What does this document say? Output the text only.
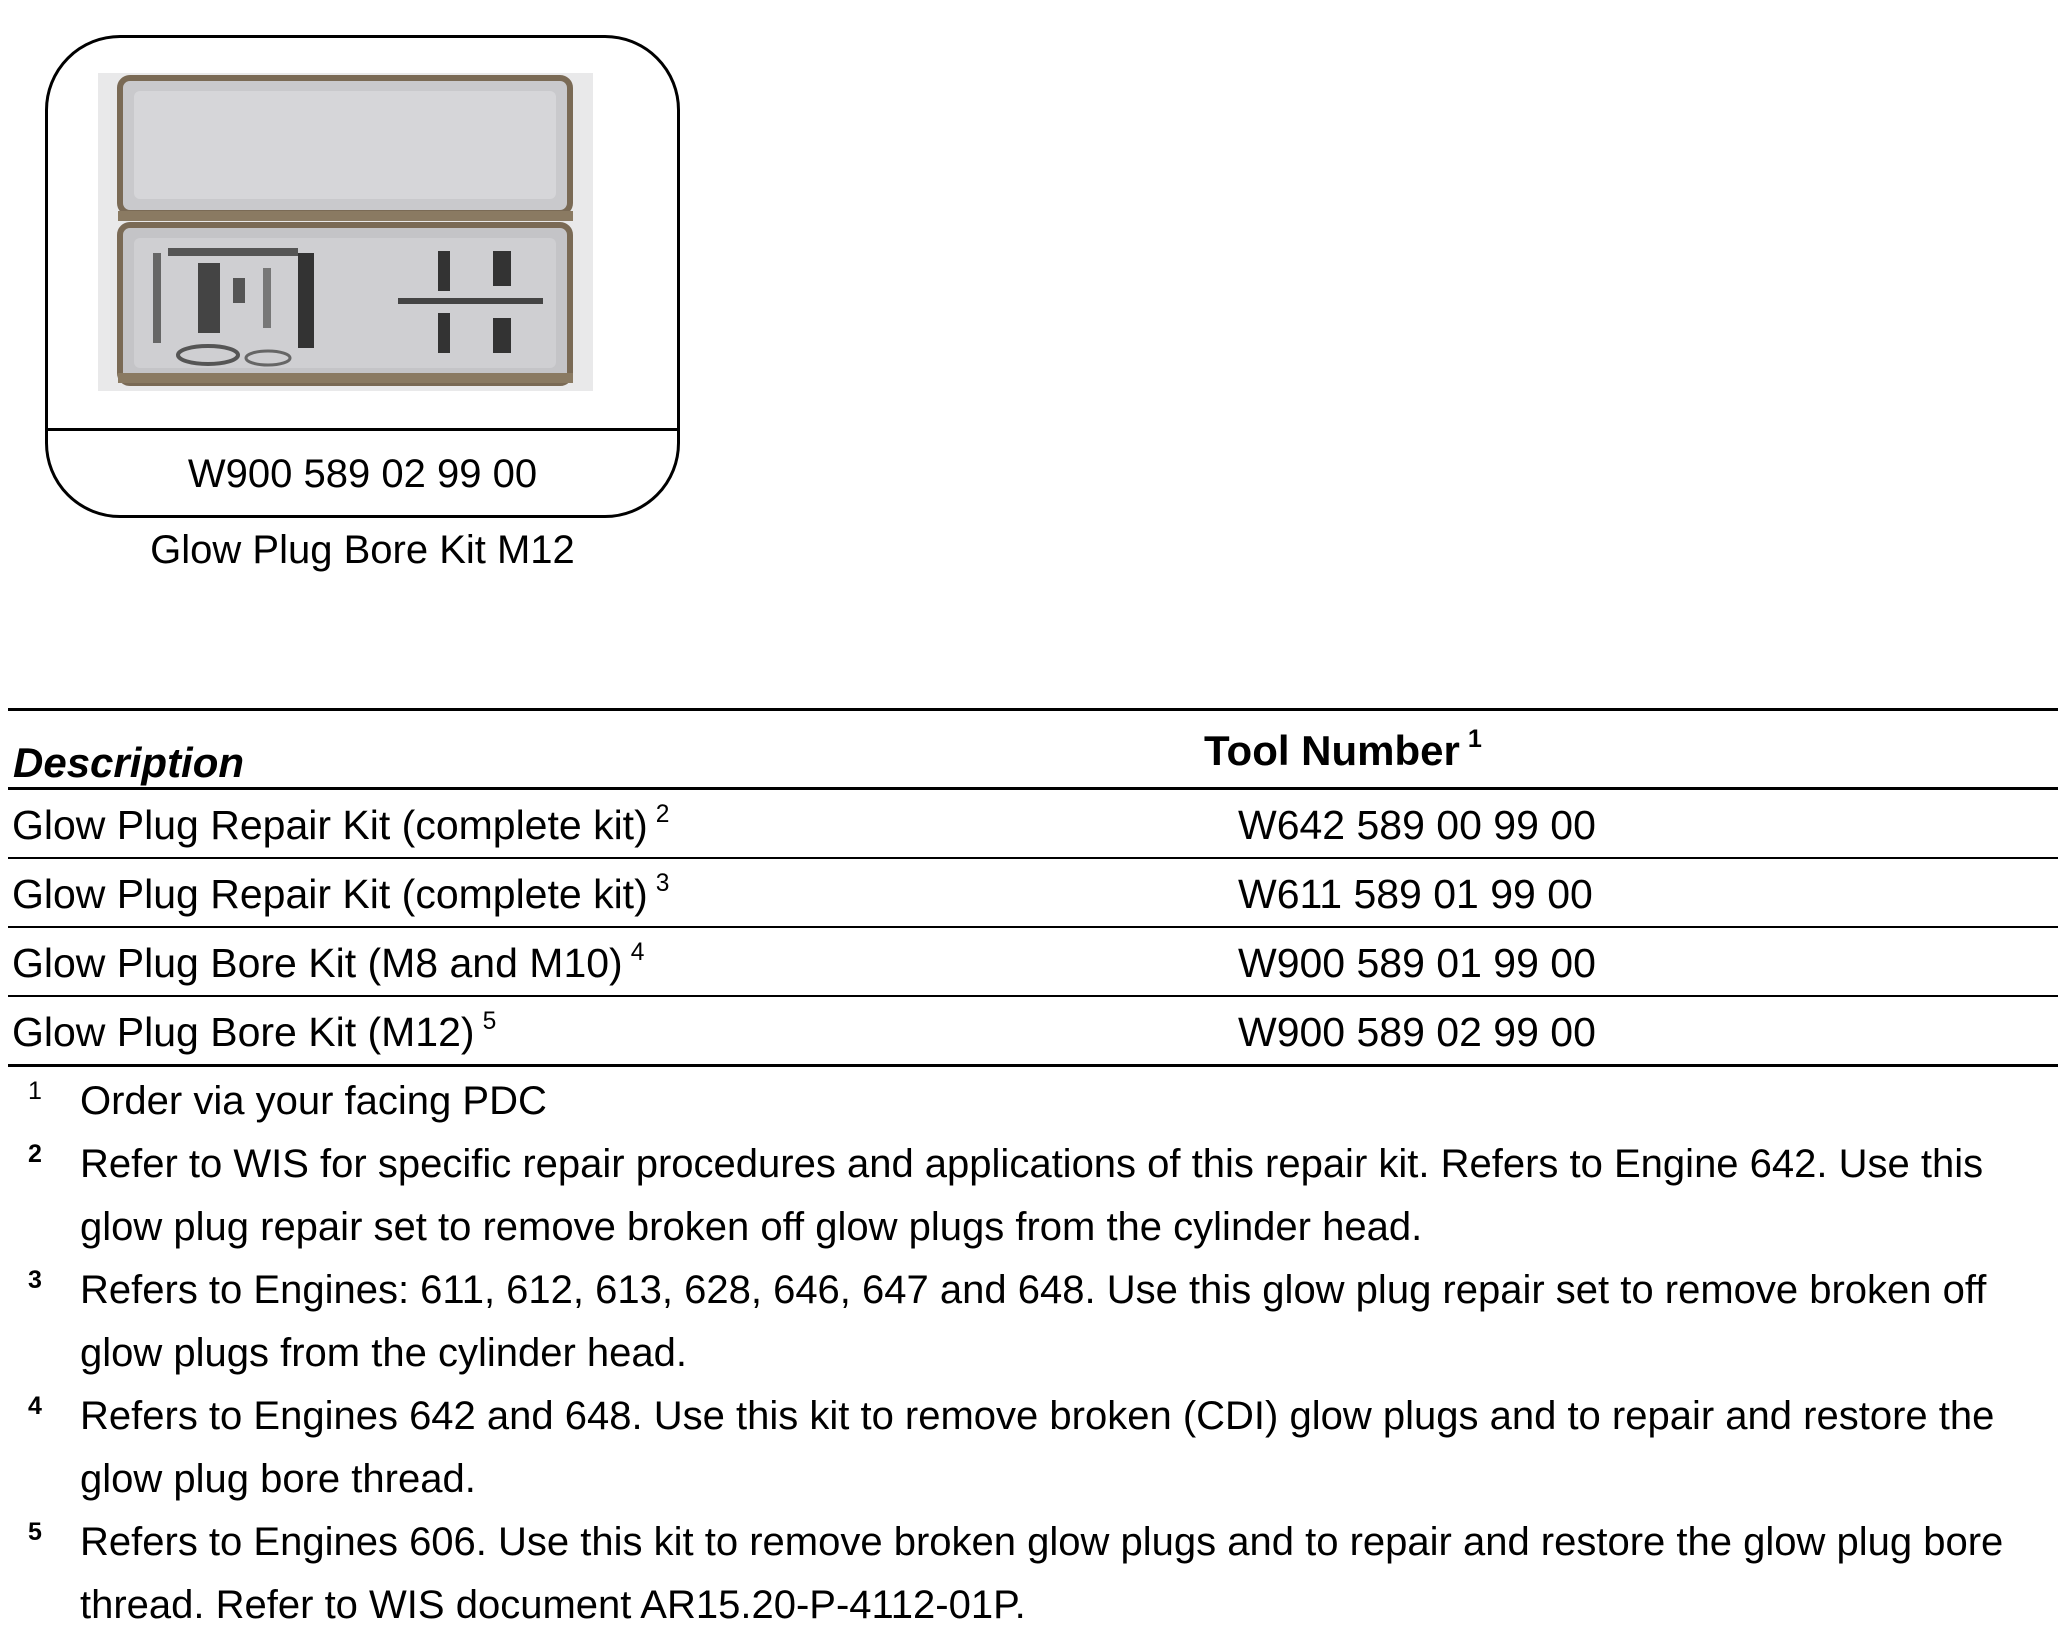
W900 589 02 99 00
Glow Plug Bore Kit M12
Description	Tool Number $^1$
Glow Plug Repair Kit (complete kit) $^2$	W642 589 00 99 00
Glow Plug Repair Kit (complete kit) $^3$	W611 589 01 99 00
Glow Plug Bore Kit (M8 and M10) $^4$	W900 589 01 99 00
Glow Plug Bore Kit (M12) $^5$	W900 589 02 99 00
1 Order via your facing PDC
2 Refer to WIS for specific repair procedures and applications of this repair kit. Refers to Engine 642. Use this glow plug repair set to remove broken off glow plugs from the cylinder head.
3 Refers to Engines: 611, 612, 613, 628, 646, 647 and 648. Use this glow plug repair set to remove broken off glow plugs from the cylinder head.
4 Refers to Engines 642 and 648. Use this kit to remove broken (CDI) glow plugs and to repair and restore the glow plug bore thread.
5 Refers to Engines 606. Use this kit to remove broken glow plugs and to repair and restore the glow plug bore thread. Refer to WIS document AR15.20-P-4112-01P.
